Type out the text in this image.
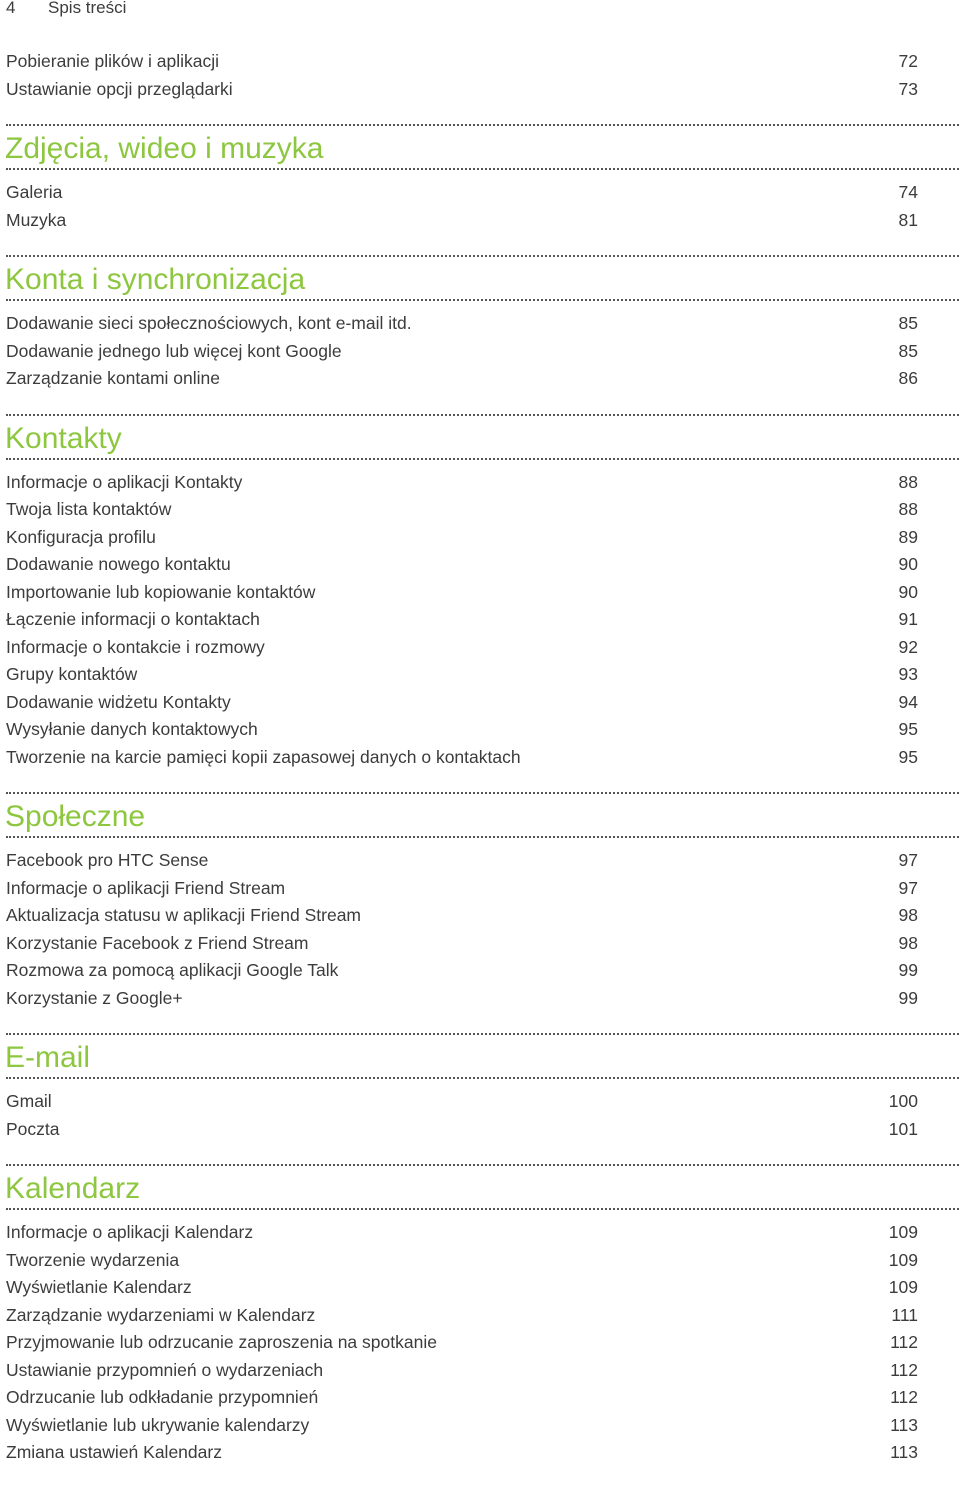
4 Spis treści
Pobieranie plików i aplikacji	72
Ustawianie opcji przeglądarki	73
Zdjęcia, wideo i muzyka
Galeria	74
Muzyka	81
Konta i synchronizacja
Dodawanie sieci społecznościowych, kont e-mail itd.	85
Dodawanie jednego lub więcej kont Google	85
Zarządzanie kontami online	86
Kontakty
Informacje o aplikacji Kontakty	88
Twoja lista kontaktów	88
Konfiguracja profilu	89
Dodawanie nowego kontaktu	90
Importowanie lub kopiowanie kontaktów	90
Łączenie informacji o kontaktach	91
Informacje o kontakcie i rozmowy	92
Grupy kontaktów	93
Dodawanie widżetu Kontakty	94
Wysyłanie danych kontaktowych	95
Tworzenie na karcie pamięci kopii zapasowej danych o kontaktach	95
Społeczne
Facebook pro HTC Sense	97
Informacje o aplikacji Friend Stream	97
Aktualizacja statusu w aplikacji Friend Stream	98
Korzystanie Facebook z Friend Stream	98
Rozmowa za pomocą aplikacji Google Talk	99
Korzystanie z Google+	99
E-mail
Gmail	100
Poczta	101
Kalendarz
Informacje o aplikacji Kalendarz	109
Tworzenie wydarzenia	109
Wyświetlanie Kalendarz	109
Zarządzanie wydarzeniami w Kalendarz	111
Przyjmowanie lub odrzucanie zaproszenia na spotkanie	112
Ustawianie przypomnień o wydarzeniach	112
Odrzucanie lub odkładanie przypomnień	112
Wyświetlanie lub ukrywanie kalendarzy	113
Zmiana ustawień Kalendarz	113
